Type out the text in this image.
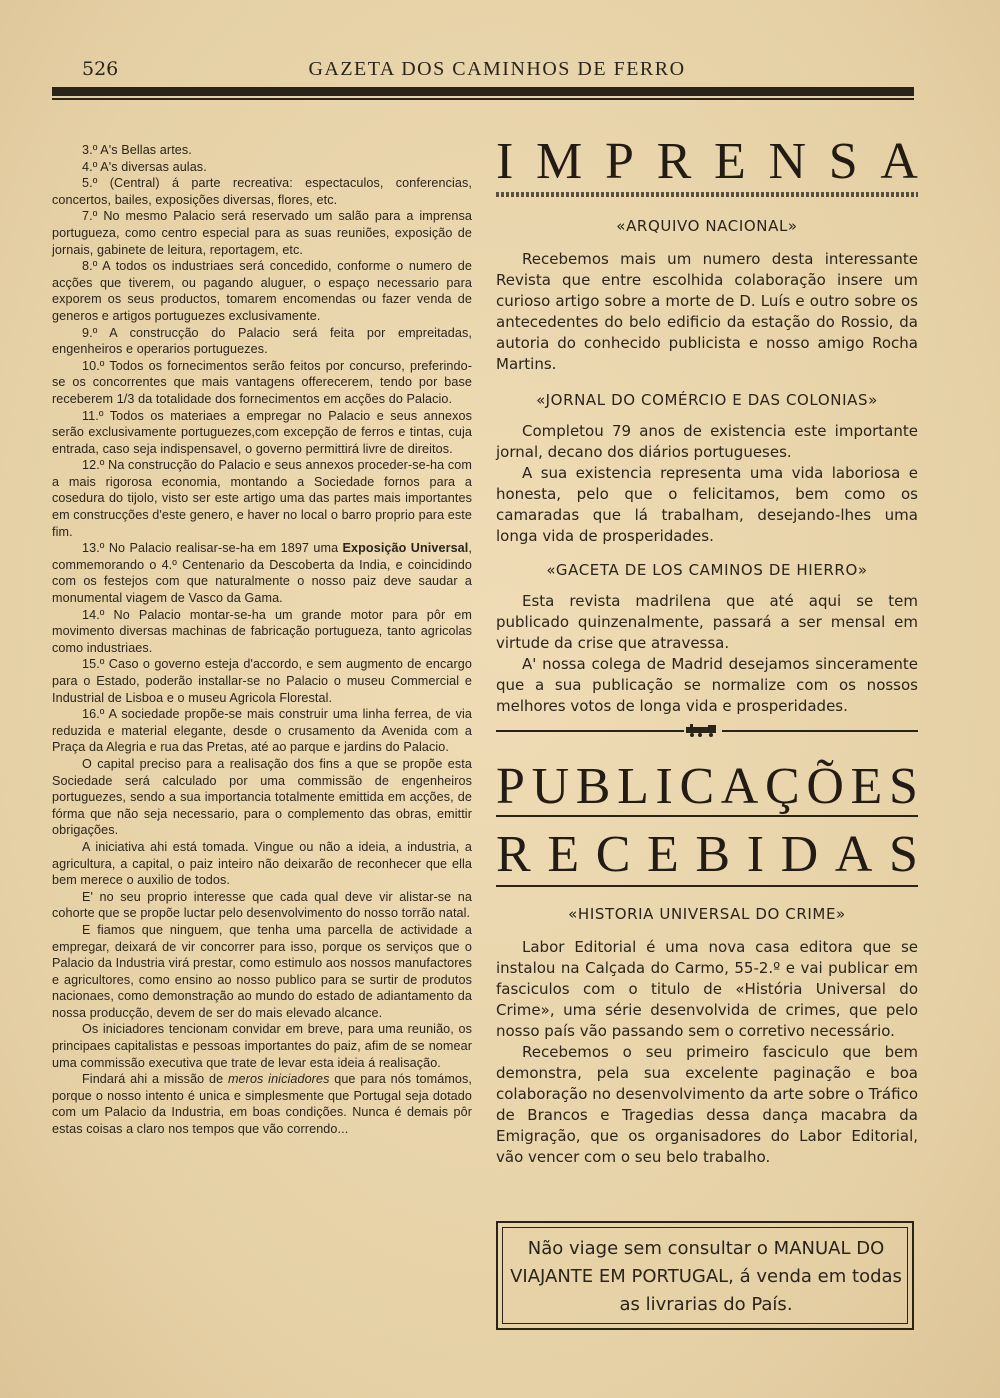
526	GAZETA DOS CAMINHOS DE FERRO

3.º A's Bellas artes.

4.º A's diversas aulas.

5.º (Central) á parte recreativa: espectaculos, conferencias, concertos, bailes, exposições diversas, flores, etc.

7.º No mesmo Palacio será reservado um salão para a imprensa portugueza, como centro especial para as suas reuniões, exposição de jornais, gabinete de leitura, reportagem, etc.

8.º A todos os industriaes será concedido, conforme o numero de acções que tiverem, ou pagando aluguer, o espaço necessario para exporem os seus productos, tomarem encomendas ou fazer venda de generos e artigos portuguezes exclusivamente.

9.º A construcção do Palacio será feita por empreitadas, engenheiros e operarios portuguezes.

10.º Todos os fornecimentos serão feitos por concurso, preferindo-se os concorrentes que mais vantagens offerecerem, tendo por base receberem 1/3 da totalidade dos fornecimentos em acções do Palacio.

11.º Todos os materiaes a empregar no Palacio e seus annexos serão exclusivamente portuguezes,com excepção de ferros e tintas, cuja entrada, caso seja indispensavel, o governo permittirá livre de direitos.

12.º Na construcção do Palacio e seus annexos proceder-se-ha com a mais rigorosa economia, montando a Sociedade fornos para a cosedura do tijolo, visto ser este artigo uma das partes mais importantes em construcções d'este genero, e haver no local o barro proprio para este fim.

13.º No Palacio realisar-se-ha em 1897 uma Exposição Universal, commemorando o 4.º Centenario da Descoberta da India, e coincidindo com os festejos com que naturalmente o nosso paiz deve saudar a monumental viagem de Vasco da Gama.

14.º No Palacio montar-se-ha um grande motor para pôr em movimento diversas machinas de fabricação portugueza, tanto agricolas como industriaes.

15.º Caso o governo esteja d'accordo, e sem augmento de encargo para o Estado, poderão installar-se no Palacio o museu Commercial e Industrial de Lisboa e o museu Agricola Florestal.

16.º A sociedade propõe-se mais construir uma linha ferrea, de via reduzida e material elegante, desde o crusamento da Avenida com a Praça da Alegria e rua das Pretas, até ao parque e jardins do Palacio.

O capital preciso para a realisação dos fins a que se propõe esta Sociedade será calculado por uma commissão de engenheiros portuguezes, sendo a sua importancia totalmente emittida em acções, de fórma que não seja necessario, para o complemento das obras, emittir obrigações.

A iniciativa ahi está tomada. Vingue ou não a ideia, a industria, a agricultura, a capital, o paiz inteiro não deixarão de reconhecer que ella bem merece o auxilio de todos.

E' no seu proprio interesse que cada qual deve vir alistar-se na cohorte que se propõe luctar pelo desenvolvimento do nosso torrão natal.

E fiamos que ninguem, que tenha uma parcella de actividade a empregar, deixará de vir concorrer para isso, porque os serviços que o Palacio da Industria virá prestar, como estimulo aos nossos manufactores e agricultores, como ensino ao nosso publico para se surtir de produtos nacionaes, como demonstração ao mundo do estado de adiantamento da nossa producção, devem de ser do mais elevado alcance.

Os iniciadores tencionam convidar em breve, para uma reunião, os principaes capitalistas e pessoas importantes do paiz, afim de se nomear uma commissão executiva que trate de levar esta ideia á realisação.

Findará ahi a missão de meros iniciadores que para nós tomámos, porque o nosso intento é unica e simplesmente que Portugal seja dotado com um Palacio da Industria, em boas condições. Nunca é demais pôr estas coisas a claro nos tempos que vão correndo...

I M P R E N S A
«ARQUIVO NACIONAL»

Recebemos mais um numero desta interessante Revista que entre escolhida colaboração insere um curioso artigo sobre a morte de D. Luís e outro sobre os antecedentes do belo edificio da estação do Rossio, da autoria do conhecido publicista e nosso amigo Rocha Martins.

«JORNAL DO COMÉRCIO E DAS COLONIAS»

Completou 79 anos de existencia este importante jornal, decano dos diários portugueses.

A sua existencia representa uma vida laboriosa e honesta, pelo que o felicitamos, bem como os camaradas que lá trabalham, desejando-lhes uma longa vida de prosperidades.

«GACETA DE LOS CAMINOS DE HIERRO»

Esta revista madrilena que até aqui se tem publicado quinzenalmente, passará a ser mensal em virtude da crise que atravessa.

A' nossa colega de Madrid desejamos sinceramente que a sua publicação se normalize com os nossos melhores votos de longa vida e prosperidades.

P U B L I C A Ç Õ E S
R E C E B I D A S
«HISTORIA UNIVERSAL DO CRIME»

Labor Editorial é uma nova casa editora que se instalou na Calçada do Carmo, 55-2.º e vai publicar em fasciculos com o titulo de «História Universal do Crime», uma série desenvolvida de crimes, que pelo nosso país vão passando sem o corretivo necessário.

Recebemos o seu primeiro fasciculo que bem demonstra, pela sua excelente paginação e boa colaboração no desenvolvimento da arte sobre o Tráfico de Brancos e Tragedias dessa dança macabra da Emigração, que os organisadores do Labor Editorial, vão vencer com o seu belo trabalho.

Não viage sem consultar o MANUAL DO VIAJANTE EM PORTUGAL, á venda em todas as livrarias do País.
